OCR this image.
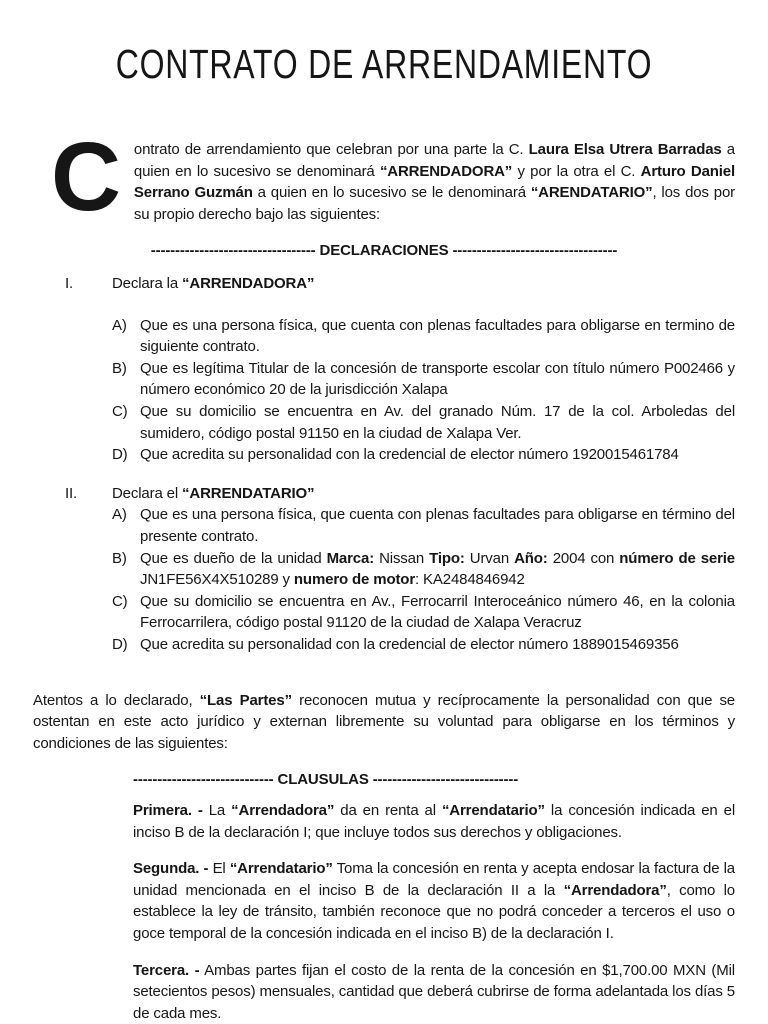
CONTRATO DE ARRENDAMIENTO

Contrato de arrendamiento que celebran por una parte la C. Laura Elsa Utrera Barradas a quien en lo sucesivo se denominará “ARRENDADORA” y por la otra el C. Arturo Daniel Serrano Guzmán a quien en lo sucesivo se le denominará “ARENDATARIO”, los dos por su propio derecho bajo las siguientes:

---------------------------------- DECLARACIONES ----------------------------------
I.	Declara la “ARRENDADORA”
A) Que es una persona física, que cuenta con plenas facultades para obligarse en termino de siguiente contrato.
B) Que es legítima Titular de la concesión de transporte escolar con título número P002466 y número económico 20 de la jurisdicción Xalapa
C) Que su domicilio se encuentra en Av. del granado Núm. 17 de la col. Arboledas del sumidero, código postal 91150 en la ciudad de Xalapa Ver.
D) Que acredita su personalidad con la credencial de elector número 1920015461784
II.	Declara el “ARRENDATARIO”
A) Que es una persona física, que cuenta con plenas facultades para obligarse en término del presente contrato.
B) Que es dueño de la unidad Marca: Nissan Tipo: Urvan Año: 2004 con número de serie JN1FE56X4X510289 y numero de motor: KA2484846942
C) Que su domicilio se encuentra en Av., Ferrocarril Interoceánico número 46, en la colonia Ferrocarrilera, código postal 91120 de la ciudad de Xalapa Veracruz
D) Que acredita su personalidad con la credencial de elector número 1889015469356

Atentos a lo declarado, “Las Partes” reconocen mutua y recíprocamente la personalidad con que se ostentan en este acto jurídico y externan libremente su voluntad para obligarse en los términos y condiciones de las siguientes:

----------------------------- CLAUSULAS ------------------------------

Primera. - La “Arrendadora” da en renta al “Arrendatario” la concesión indicada en el inciso B de la declaración I; que incluye todos sus derechos y obligaciones.

Segunda. - El “Arrendatario” Toma la concesión en renta y acepta endosar la factura de la unidad mencionada en el inciso B de la declaración II a la “Arrendadora”, como lo establece la ley de tránsito, también reconoce que no podrá conceder a terceros el uso o goce temporal de la concesión indicada en el inciso B) de la declaración I.

Tercera. - Ambas partes fijan el costo de la renta de la concesión en $1,700.00 MXN (Mil setecientos pesos) mensuales, cantidad que deberá cubrirse de forma adelantada los días 5 de cada mes.
